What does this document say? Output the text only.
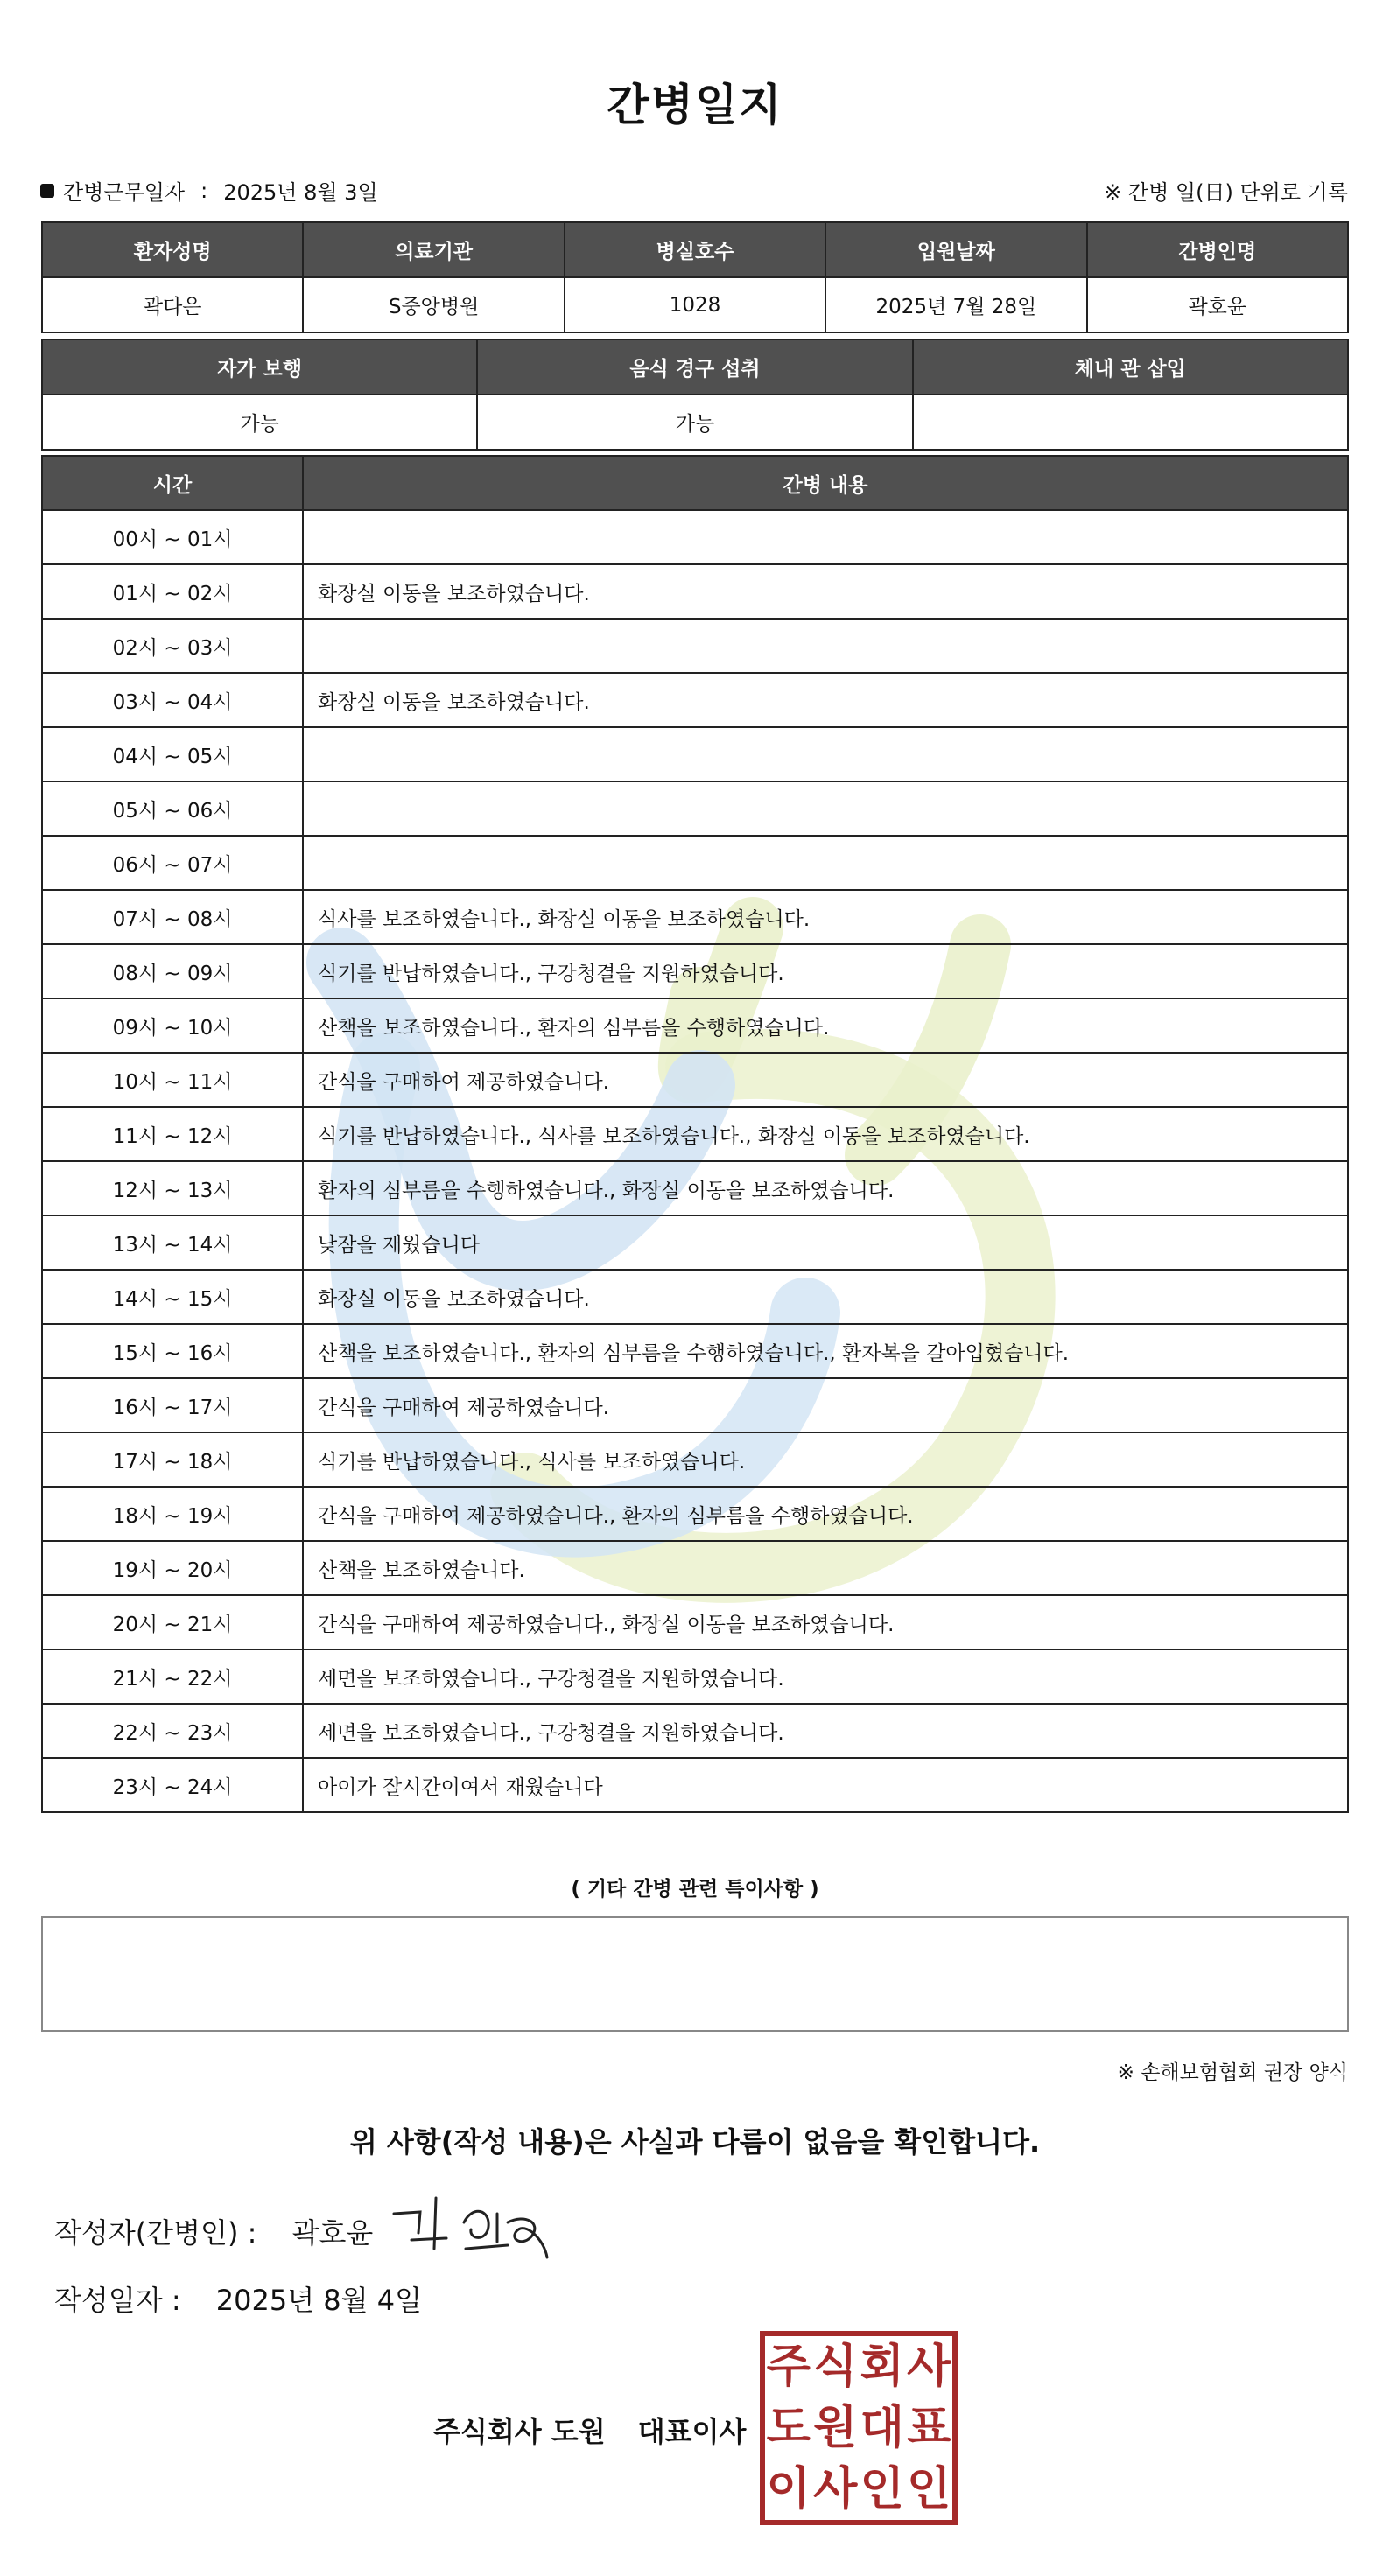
간병일지
간병근무일자 : 2025년 8월 3일	※ 간병 일(日) 단위로 기록
환자성명	의료기관	병실호수	입원날짜	간병인명
곽다은	S중앙병원	1028	2025년 7월 28일	곽호윤
자가 보행	음식 경구 섭취	체내 관 삽입
가능	가능	
시간	간병 내용
00시 ~ 01시	
01시 ~ 02시	화장실 이동을 보조하였습니다.
02시 ~ 03시	
03시 ~ 04시	화장실 이동을 보조하였습니다.
04시 ~ 05시	
05시 ~ 06시	
06시 ~ 07시	
07시 ~ 08시	식사를 보조하였습니다., 화장실 이동을 보조하였습니다.
08시 ~ 09시	식기를 반납하였습니다., 구강청결을 지원하였습니다.
09시 ~ 10시	산책을 보조하였습니다., 환자의 심부름을 수행하였습니다.
10시 ~ 11시	간식을 구매하여 제공하였습니다.
11시 ~ 12시	식기를 반납하였습니다., 식사를 보조하였습니다., 화장실 이동을 보조하였습니다.
12시 ~ 13시	환자의 심부름을 수행하였습니다., 화장실 이동을 보조하였습니다.
13시 ~ 14시	낮잠을 재웠습니다
14시 ~ 15시	화장실 이동을 보조하였습니다.
15시 ~ 16시	산책을 보조하였습니다., 환자의 심부름을 수행하였습니다., 환자복을 갈아입혔습니다.
16시 ~ 17시	간식을 구매하여 제공하였습니다.
17시 ~ 18시	식기를 반납하였습니다., 식사를 보조하였습니다.
18시 ~ 19시	간식을 구매하여 제공하였습니다., 환자의 심부름을 수행하였습니다.
19시 ~ 20시	산책을 보조하였습니다.
20시 ~ 21시	간식을 구매하여 제공하였습니다., 화장실 이동을 보조하였습니다.
21시 ~ 22시	세면을 보조하였습니다., 구강청결을 지원하였습니다.
22시 ~ 23시	세면을 보조하였습니다., 구강청결을 지원하였습니다.
23시 ~ 24시	아이가 잘시간이여서 재웠습니다
( 기타 간병 관련 특이사항 )
※ 손해보험협회 권장 양식
위 사항(작성 내용)은 사실과 다름이 없음을 확인합니다.
작성자(간병인) : 곽호윤
작성일자 : 2025년 8월 4일
주식회사 도원 대표이사
주 식 회 사
도 원 대 표
이 사 인 인
